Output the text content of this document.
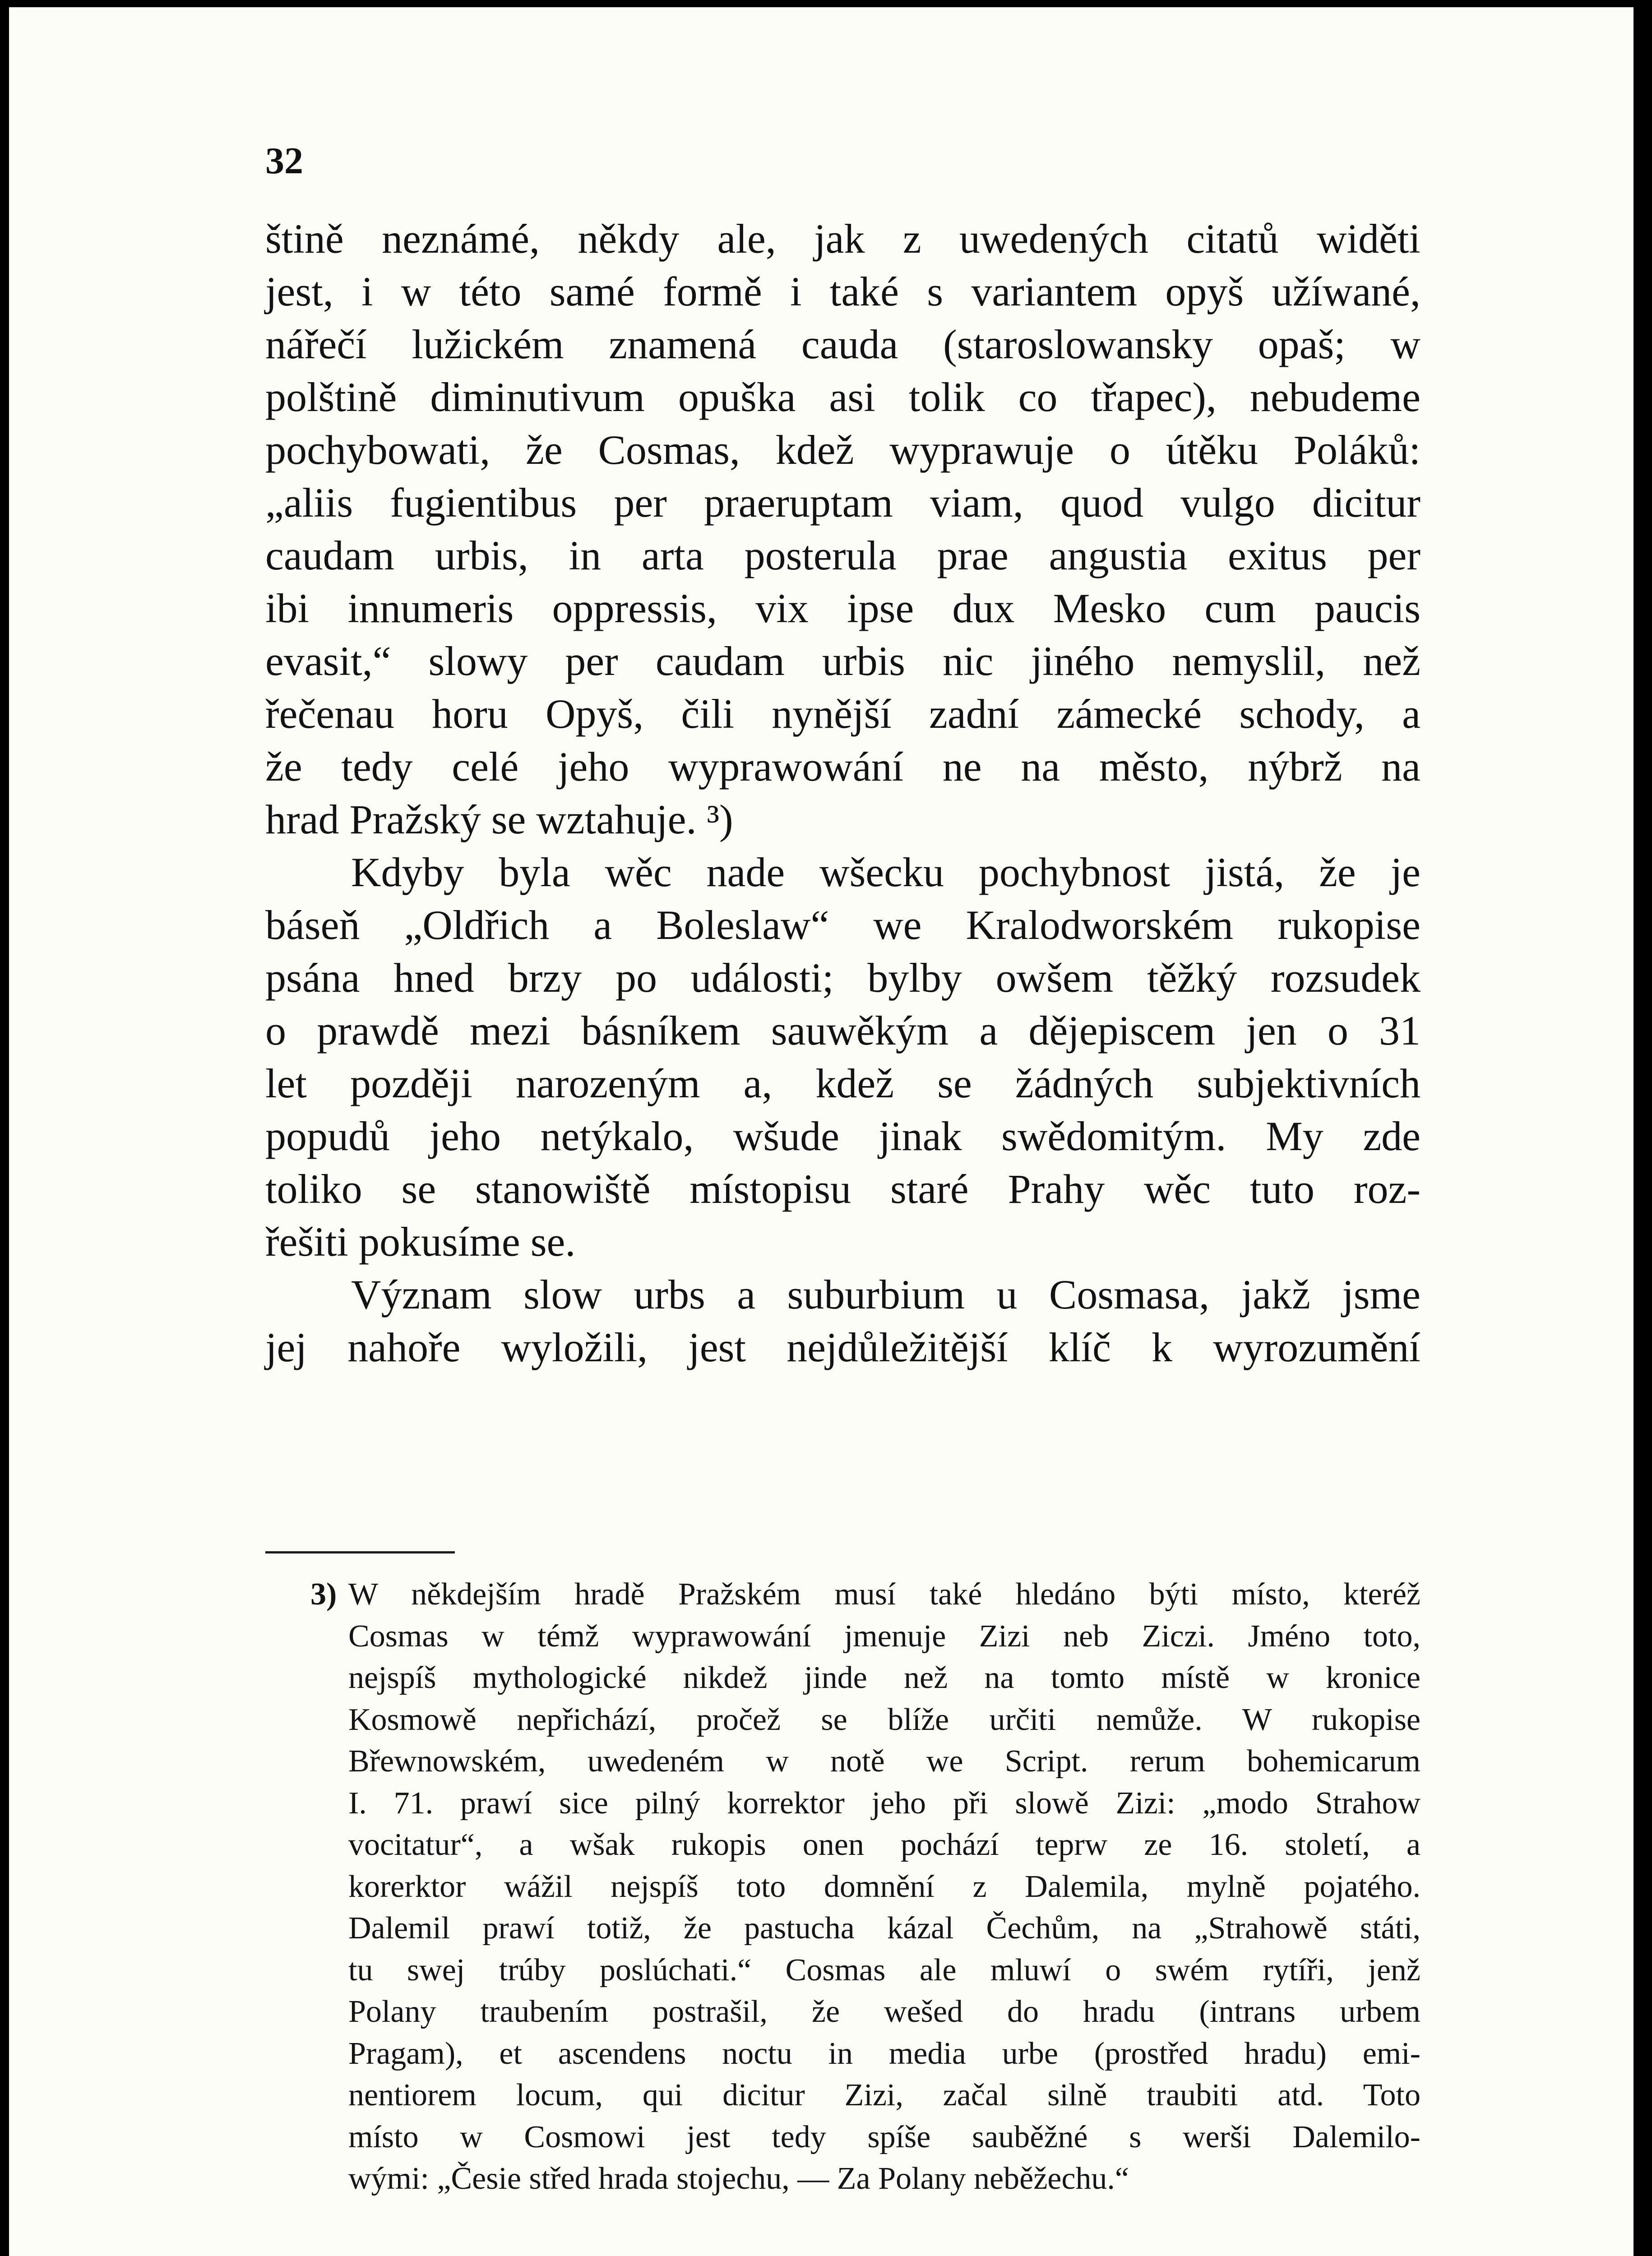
32

štině neznámé, někdy ale, jak z uwedených citatů widěti
jest, i w této samé formě i také s variantem opyš užíwané,
nářečí lužickém znamená cauda (staroslowansky opaš; w
polštině diminutivum opuška asi tolik co třapec), nebudeme
pochybowati, že Cosmas, kdež wyprawuje o útěku Poláků:
„aliis fugientibus per praeruptam viam, quod vulgo dicitur
caudam urbis, in arta posterula prae angustia exitus per
ibi innumeris oppressis, vix ipse dux Mesko cum paucis
evasit,“ slowy per caudam urbis nic jiného nemyslil, než
řečenau horu Opyš, čili nynější zadní zámecké schody, a
že tedy celé jeho wyprawowání ne na město, nýbrž na
hrad Pražský se wztahuje. ³)
Kdyby byla wěc nade wšecku pochybnost jistá, že je
báseň „Oldřich a Boleslaw“ we Kralodworském rukopise
psána hned brzy po události; bylby owšem těžký rozsudek
o prawdě mezi básníkem sauwěkým a dějepiscem jen o 31
let později narozeným a, kdež se žádných subjektivních
popudů jeho netýkalo, wšude jinak swědomitým. My zde
toliko se stanowiště místopisu staré Prahy wěc tuto roz-
řešiti pokusíme se.
Význam slow urbs a suburbium u Cosmasa, jakž jsme
jej nahoře wyložili, jest nejdůležitější klíč k wyrozumění
3) W někdejším hradě Pražském musí také hledáno býti místo, kteréž
Cosmas w témž wyprawowání jmenuje Zizi neb Ziczi. Jméno toto,
nejspíš mythologické nikdež jinde než na tomto místě w kronice
Kosmowě nepřichází, pročež se blíže určiti nemůže. W rukopise
Břewnowském, uwedeném w notě we Script. rerum bohemicarum
I. 71. prawí sice pilný korrektor jeho při slowě Zizi: „modo Strahow
vocitatur“, a wšak rukopis onen pochází teprw ze 16. století, a
korerktor wážil nejspíš toto domnění z Dalemila, mylně pojatého.
Dalemil prawí totiž, že pastucha kázal Čechům, na „Strahowě státi,
tu swej trúby poslúchati.“ Cosmas ale mluwí o swém rytíři, jenž
Polany traubením postrašil, že wešed do hradu (intrans urbem
Pragam), et ascendens noctu in media urbe (prostřed hradu) emi-
nentiorem locum, qui dicitur Zizi, začal silně traubiti atd. Toto
místo w Cosmowi jest tedy spíše sauběžné s werši Dalemilo-
wými: „Česie střed hrada stojechu, — Za Polany neběžechu.“
